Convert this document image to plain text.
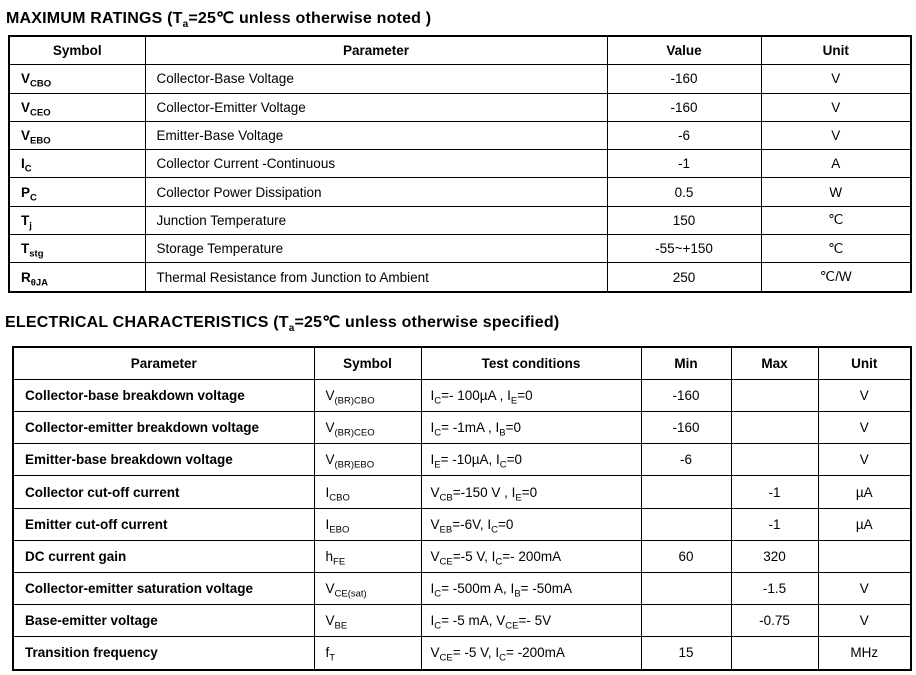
MAXIMUM RATINGS ($T_a=25℃$ unless otherwise noted )
Symbol	Parameter	Value	Unit
$V_{CBO}$	Collector-Base Voltage	-160	V
$V_{CEO}$	Collector-Emitter Voltage	-160	V
$V_{EBO}$	Emitter-Base Voltage	-6	V
$I_C$	Collector Current -Continuous	-1	A
$P_C$	Collector Power Dissipation	0.5	W
$T_j$	Junction Temperature	150	℃
$T_{stg}$	Storage Temperature	-55~+150	℃
$R_{\theta JA}$	Thermal Resistance from Junction to Ambient	250	℃/W
ELECTRICAL CHARACTERISTICS ($T_a=25℃$ unless otherwise specified)
Parameter	Symbol	Test conditions	Min	Max	Unit
Collector-base breakdown voltage	$V_{(BR)CBO}$	$I_C=-$ 100µA , $I_E=0$	-160		V
Collector-emitter breakdown voltage	$V_{(BR)CEO}$	$I_C= -1mA$ , $I_B=0$	-160		V
Emitter-base breakdown voltage	$V_{(BR)EBO}$	$I_E= -10\mu A$, $I_C=0$	-6		V
Collector cut-off current	$I_{CBO}$	$V_{CB}=-150$ V , $I_E=0$		-1	µA
Emitter cut-off current	$I_{EBO}$	$V_{EB}=-6V$, $I_C=0$		-1	µA
DC current gain	$h_{FE}$	$V_{CE}=-5$ V, $I_C=-$ 200mA	60	320	
Collector-emitter saturation voltage	$V_{CE(sat)}$	$I_C= -500m$ A, $I_B= -50mA$		-1.5	V
Base-emitter voltage	$V_{BE}$	$I_C= -5$ mA, $V_{CE}=-$ 5V		-0.75	V
Transition frequency	$f_T$	$V_{CE}= -5$ V, $I_C= -200mA$	15		MHz
